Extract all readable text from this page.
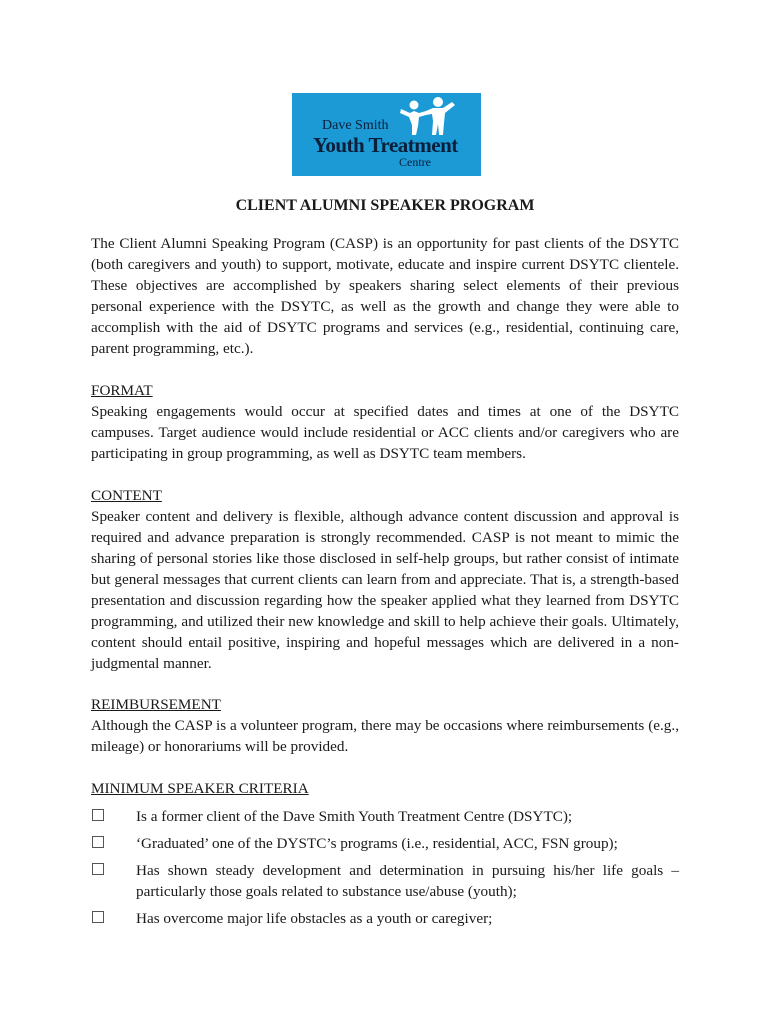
Dave Smith
Youth Treatment
Centre
CLIENT ALUMNI SPEAKER PROGRAM
The Client Alumni Speaking Program (CASP) is an opportunity for past clients of the DSYTC (both caregivers and youth) to support, motivate, educate and inspire current DSYTC clientele. These objectives are accomplished by speakers sharing select elements of their previous personal experience with the DSYTC, as well as the growth and change they were able to accomplish with the aid of DSYTC programs and services (e.g., residential, continuing care, parent programming, etc.).
FORMAT
Speaking engagements would occur at specified dates and times at one of the DSYTC campuses. Target audience would include residential or ACC clients and/or caregivers who are participating in group programming, as well as DSYTC team members.
CONTENT
Speaker content and delivery is flexible, although advance content discussion and approval is required and advance preparation is strongly recommended. CASP is not meant to mimic the sharing of personal stories like those disclosed in self-help groups, but rather consist of intimate but general messages that current clients can learn from and appreciate. That is, a strength-based presentation and discussion regarding how the speaker applied what they learned from DSYTC programming, and utilized their new knowledge and skill to help achieve their goals. Ultimately, content should entail positive, inspiring and hopeful messages which are delivered in a non-judgmental manner.
REIMBURSEMENT
Although the CASP is a volunteer program, there may be occasions where reimbursements (e.g., mileage) or honorariums will be provided.
MINIMUM SPEAKER CRITERIA
Is a former client of the Dave Smith Youth Treatment Centre (DSYTC);
‘Graduated’ one of the DYSTC’s programs (i.e., residential, ACC, FSN group);
Has shown steady development and determination in pursuing his/her life goals – particularly those goals related to substance use/abuse (youth);
Has overcome major life obstacles as a youth or caregiver;
